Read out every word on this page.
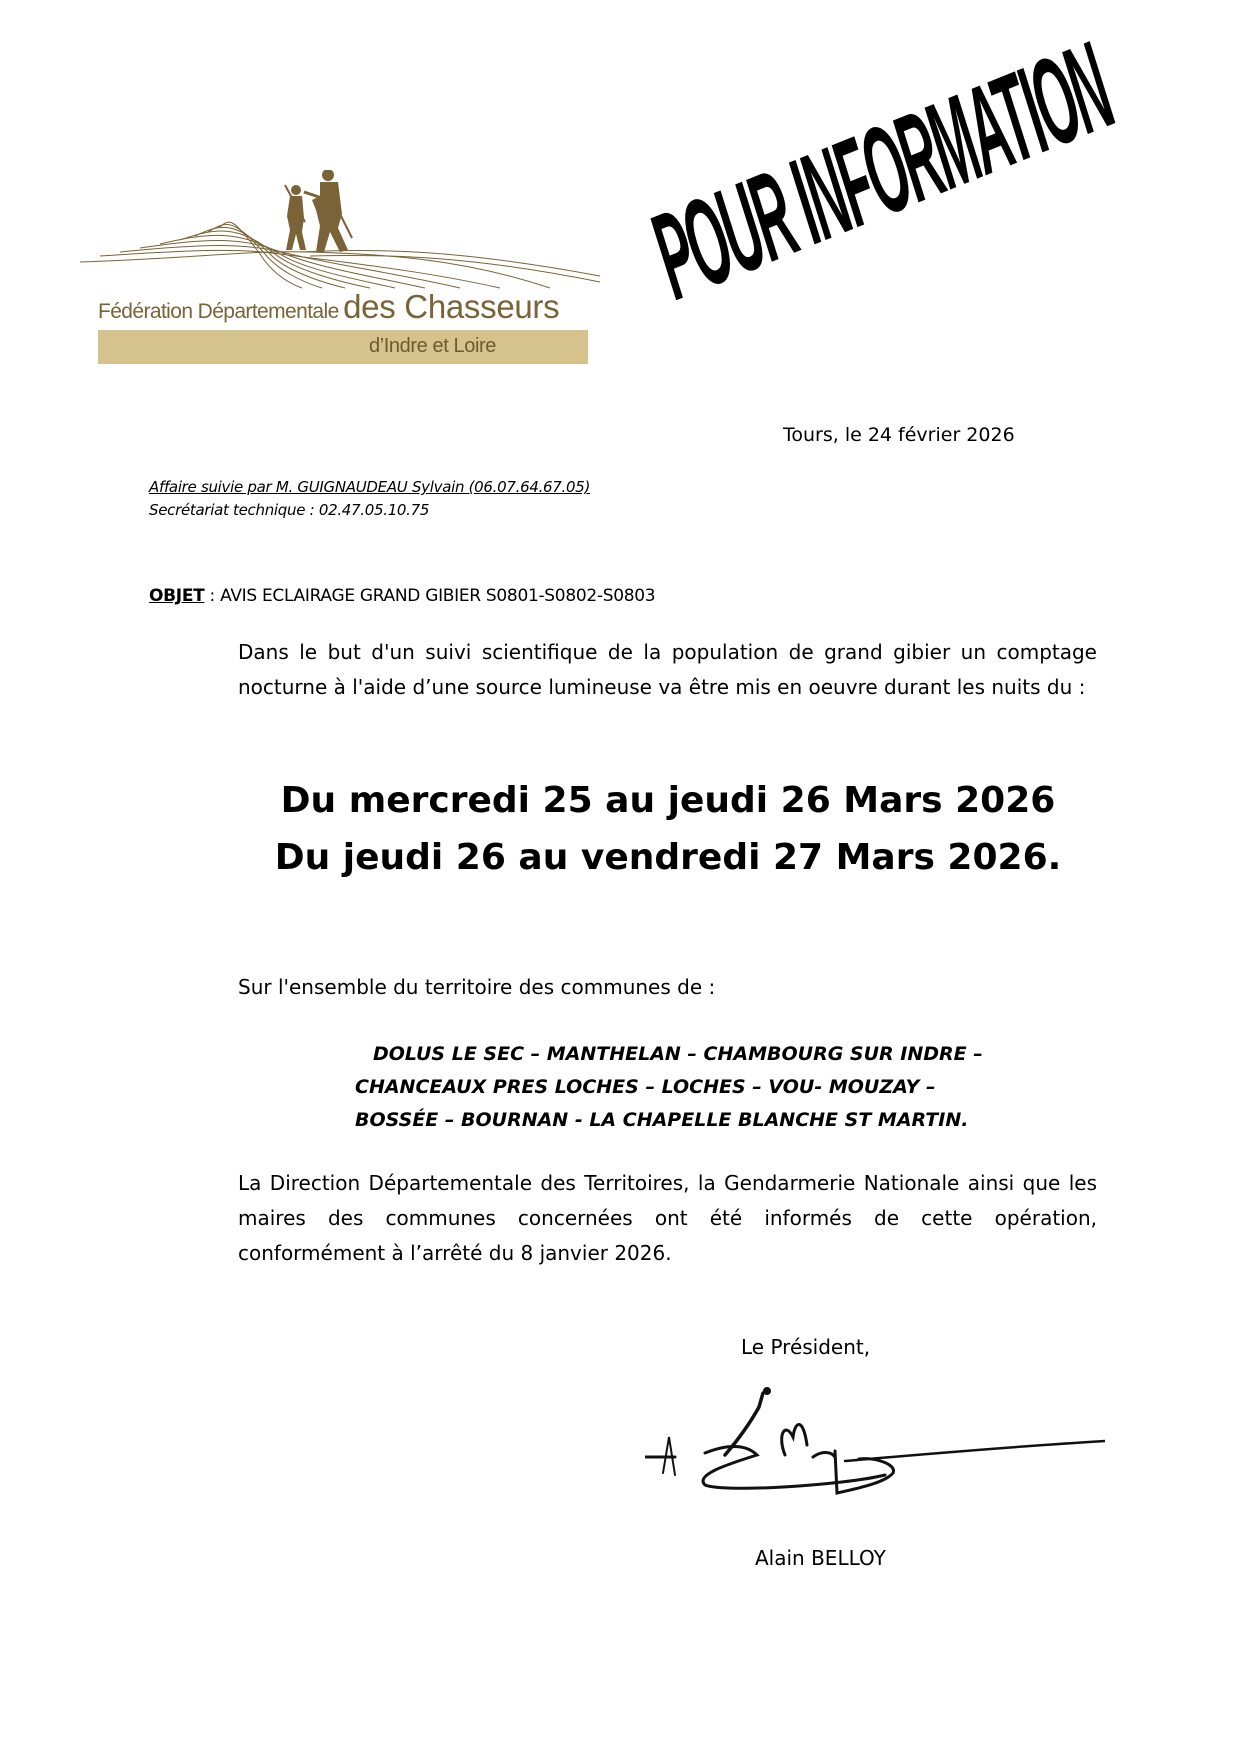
Fédération Départementale des Chasseurs
d’Indre et Loire
POUR INFORMATION
Tours, le 24 février 2026
Affaire suivie par M. GUIGNAUDEAU Sylvain (06.07.64.67.05)
Secrétariat technique : 02.47.05.10.75
OBJET : AVIS ECLAIRAGE GRAND GIBIER S0801-S0802-S0803
Dans le but d'un suivi scientifique de la population de grand gibier un comptage nocturne à l'aide d’une source lumineuse va être mis en oeuvre durant les nuits du :
Du mercredi 25 au jeudi 26 Mars 2026
Du jeudi 26 au vendredi 27 Mars 2026.
Sur l'ensemble du territoire des communes de :
DOLUS LE SEC – MANTHELAN – CHAMBOURG SUR INDRE –
CHANCEAUX PRES LOCHES – LOCHES – VOU- MOUZAY –
BOSSÉE – BOURNAN - LA CHAPELLE BLANCHE ST MARTIN.
La Direction Départementale des Territoires, la Gendarmerie Nationale ainsi que les maires des communes concernées ont été informés de cette opération, conformément à l’arrêté du 8 janvier 2026.
Le Président,
Alain BELLOY
